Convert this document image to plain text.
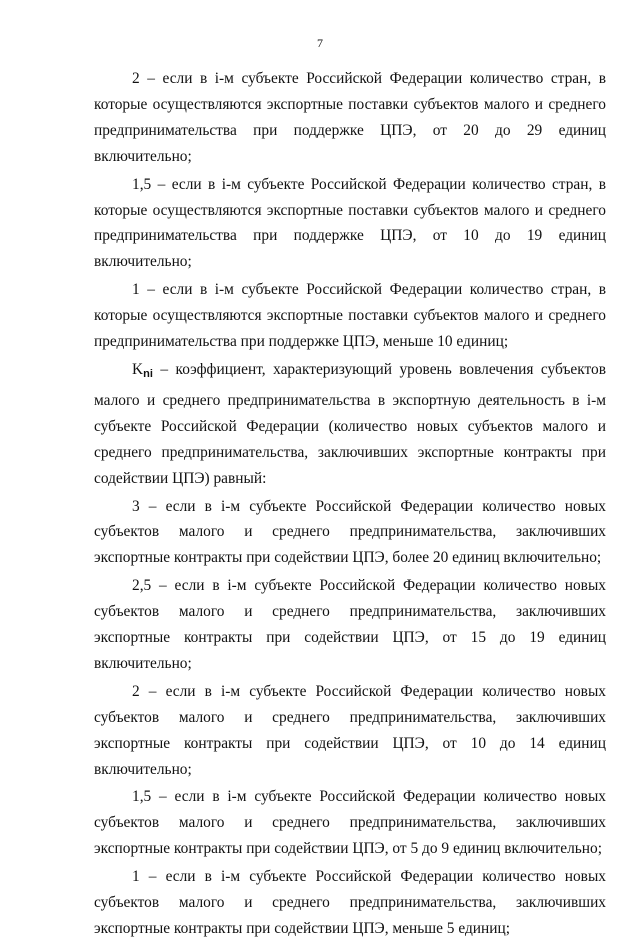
7

2 – если в i-м субъекте Российской Федерации количество стран, в которые осуществляются экспортные поставки субъектов малого и среднего предпринимательства при поддержке ЦПЭ, от 20 до 29 единиц включительно;

1,5 – если в i-м субъекте Российской Федерации количество стран, в которые осуществляются экспортные поставки субъектов малого и среднего предпринимательства при поддержке ЦПЭ, от 10 до 19 единиц включительно;

1 – если в i-м субъекте Российской Федерации количество стран, в которые осуществляются экспортные поставки субъектов малого и среднего предпринимательства при поддержке ЦПЭ, меньше 10 единиц;

$K_{ni}$ – коэффициент, характеризующий уровень вовлечения субъектов малого и среднего предпринимательства в экспортную деятельность в i-м субъекте Российской Федерации (количество новых субъектов малого и среднего предпринимательства, заключивших экспортные контракты при содействии ЦПЭ) равный:

3 – если в i-м субъекте Российской Федерации количество новых субъектов малого и среднего предпринимательства, заключивших экспортные контракты при содействии ЦПЭ, более 20 единиц включительно;

2,5 – если в i-м субъекте Российской Федерации количество новых субъектов малого и среднего предпринимательства, заключивших экспортные контракты при содействии ЦПЭ, от 15 до 19 единиц включительно;

2 – если в i-м субъекте Российской Федерации количество новых субъектов малого и среднего предпринимательства, заключивших экспортные контракты при содействии ЦПЭ, от 10 до 14 единиц включительно;

1,5 – если в i-м субъекте Российской Федерации количество новых субъектов малого и среднего предпринимательства, заключивших экспортные контракты при содействии ЦПЭ, от 5 до 9 единиц включительно;

1 – если в i-м субъекте Российской Федерации количество новых субъектов малого и среднего предпринимательства, заключивших экспортные контракты при содействии ЦПЭ, меньше 5 единиц;
